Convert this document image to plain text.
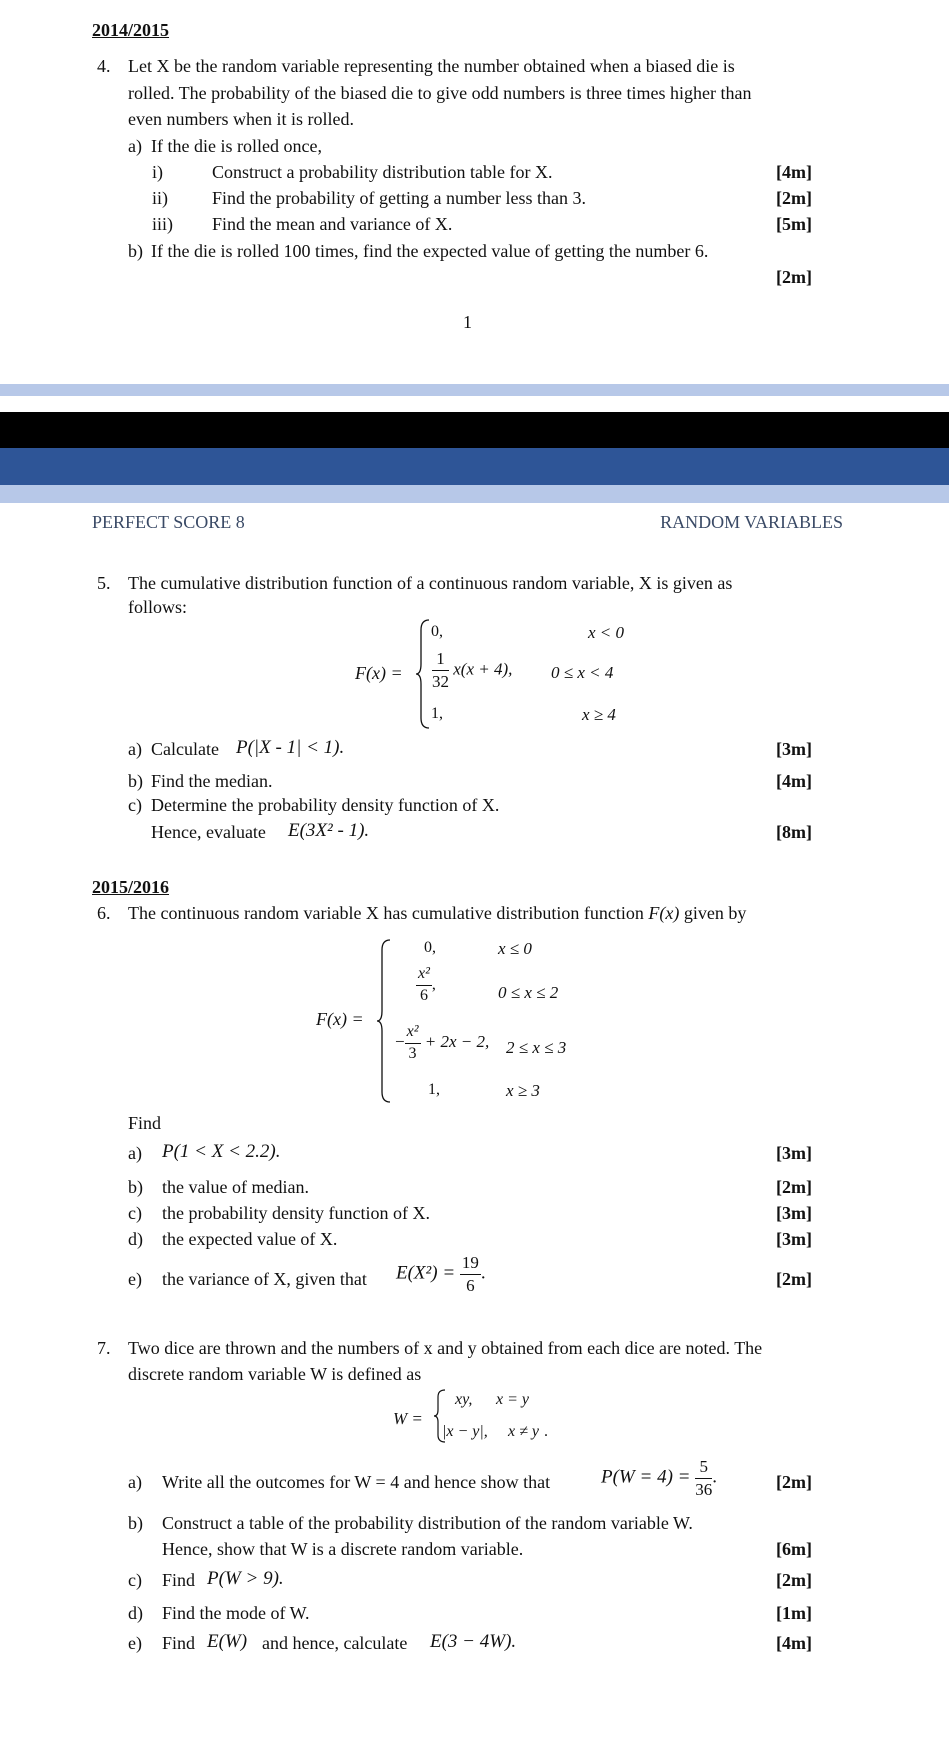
2014/2015
4. Let X be the random variable representing the number obtained when a biased die is
rolled. The probability of the biased die to give odd numbers is three times higher than
even numbers when it is rolled.
a) If the die is rolled once,
i)	Construct a probability distribution table for X.	[4m]
ii) Find the probability of getting a number less than 3.	[2m]
iii) Find the mean and variance of X.	[5m]
b) If the die is rolled 100 times, find the expected value of getting the number 6.
[2m]
1
PERFECT SCORE 8	RANDOM VARIABLES
5. The cumulative distribution function of a continuous random variable, X is given as
follows:
F(x) =
0,	x < 0
$\frac{1}{32} x(x + 4)$, 0 ≤ x < 4
1,	x ≥ 4
a) Calculate P(|X - 1| < 1).	[3m]
b) Find the median.	[4m]
c) Determine the probability density function of X.
Hence, evaluate E(3X² - 1).	[8m]
2015/2016
6. The continuous random variable X has cumulative distribution function F(x) given by
F(x) =
0,	x ≤ 0
$\frac{\text{x²}}{6}$ ,	0 ≤ x ≤ 2
− $\frac{\text{x²}}{3} + 2x - 2$, 2 ≤ x ≤ 3
1,	x ≥ 3
Find
a) P(1 < X < 2.2).	[3m]
b) the value of median.	[2m]
c) the probability density function of X.	[3m]
d) the expected value of X.	[3m]
e) the variance of X, given that $E(X^2) = \frac{19}{6}$ .	[2m]
7. Two dice are thrown and the numbers of x and y obtained from each dice are noted. The
discrete random variable W is defined as
W =
xy, x = y
|x − y|, x ≠ y .
a) Write all the outcomes for W = 4 and hence show that	$P(W = 4) = \frac{5}{36}$ .	[2m]
b) Construct a table of the probability distribution of the random variable W.
Hence, show that W is a discrete random variable.	[6m]
c) Find P(W > 9).	[2m]
d) Find the mode of W.	[1m]
e) Find E(W) and hence, calculate E(3 − 4W).	[4m]
